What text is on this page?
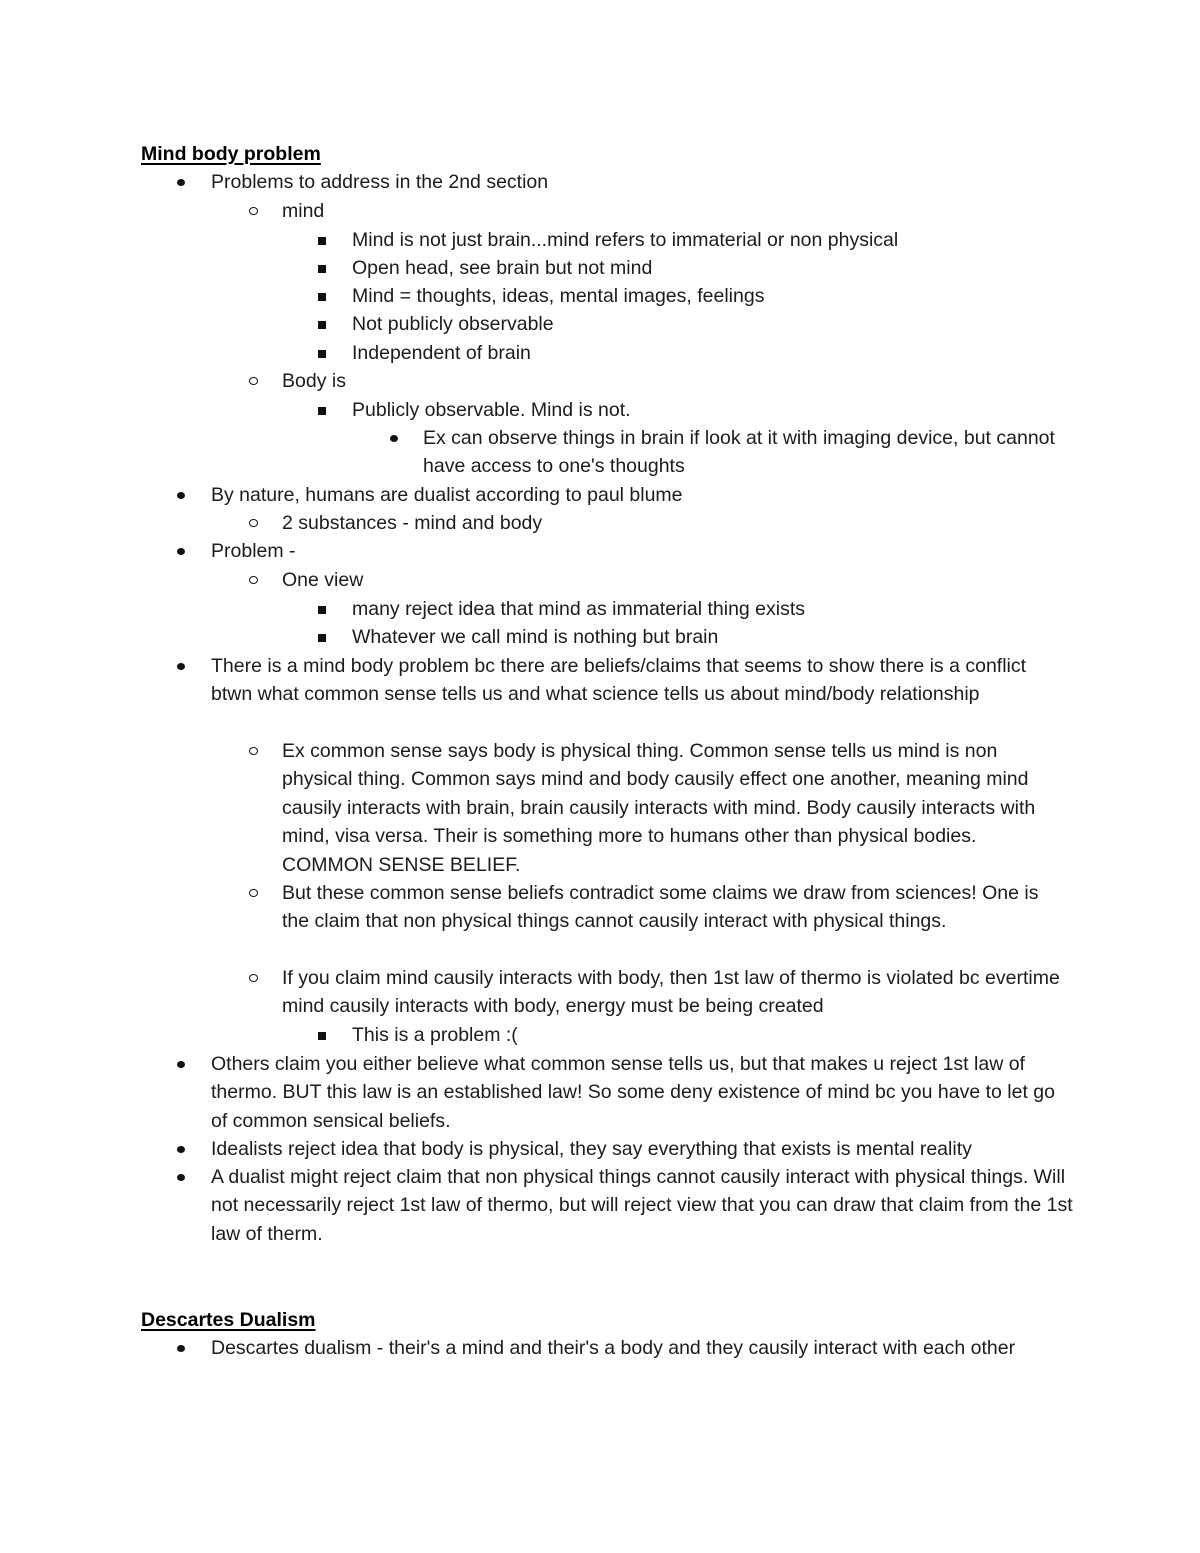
Mind body problem
Problems to address in the 2nd section
mind
Mind is not just brain...mind refers to immaterial or non physical
Open head, see brain but not mind
Mind = thoughts, ideas, mental images, feelings
Not publicly observable
Independent of brain
Body is
Publicly observable. Mind is not.
Ex can observe things in brain if look at it with imaging device, but cannot have access to one's thoughts
By nature, humans are dualist according to paul blume
2 substances - mind and body
Problem -
One view
many reject idea that mind as immaterial thing exists
Whatever we call mind is nothing but brain
There is a mind body problem bc there are beliefs/claims that seems to show there is a conflict btwn what common sense tells us and what science tells us about mind/body relationship
Ex common sense says body is physical thing. Common sense tells us mind is non physical thing. Common says mind and body causily effect one another, meaning mind causily interacts with brain, brain causily interacts with mind. Body causily interacts with mind, visa versa. Their is something more to humans other than physical bodies. COMMON SENSE BELIEF.
But these common sense beliefs contradict some claims we draw from sciences! One is the claim that non physical things cannot causily interact with physical things.
If you claim mind causily interacts with body, then 1st law of thermo is violated bc evertime mind causily interacts with body, energy must be being created
This is a problem :(
Others claim you either believe what common sense tells us, but that makes u reject 1st law of thermo. BUT this law is an established law! So some deny existence of mind bc you have to let go of common sensical beliefs.
Idealists reject idea that body is physical, they say everything that exists is mental reality
A dualist might reject claim that non physical things cannot causily interact with physical things. Will not necessarily reject 1st law of thermo, but will reject view that you can draw that claim from the 1st law of therm.
Descartes Dualism
Descartes dualism - their's a mind and their's a body and they causily interact with each other
